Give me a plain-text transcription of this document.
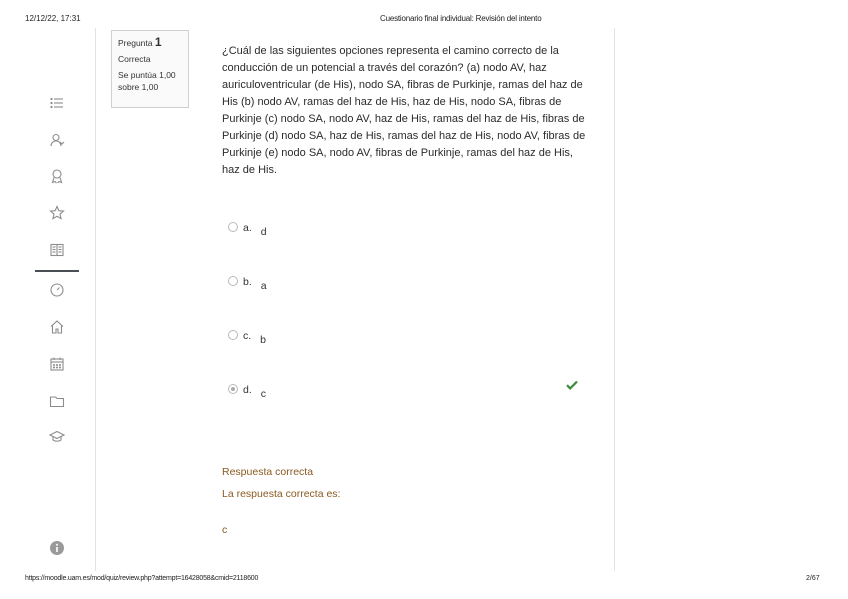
12/12/22, 17:31	Cuestionario final individual: Revisión del intento
https://moodle.uam.es/mod/quiz/review.php?attempt=16428058&cmid=2118600	2/67
Pregunta 1
Correcta
Se puntúa 1,00 sobre 1,00
¿Cuál de las siguientes opciones representa el camino correcto de la conducción de un potencial a través del corazón? (a) nodo AV, haz auriculoventricular (de His), nodo SA, fibras de Purkinje, ramas del haz de His (b) nodo AV, ramas del haz de His, haz de His, nodo SA, fibras de Purkinje (c) nodo SA, nodo AV, haz de His, ramas del haz de His, fibras de Purkinje (d) nodo SA, haz de His, ramas del haz de His, nodo AV, fibras de Purkinje (e) nodo SA, nodo AV, fibras de Purkinje, ramas del haz de His, haz de His.
a. d
b. a
c. b
d. c
Respuesta correcta
La respuesta correcta es:
c
